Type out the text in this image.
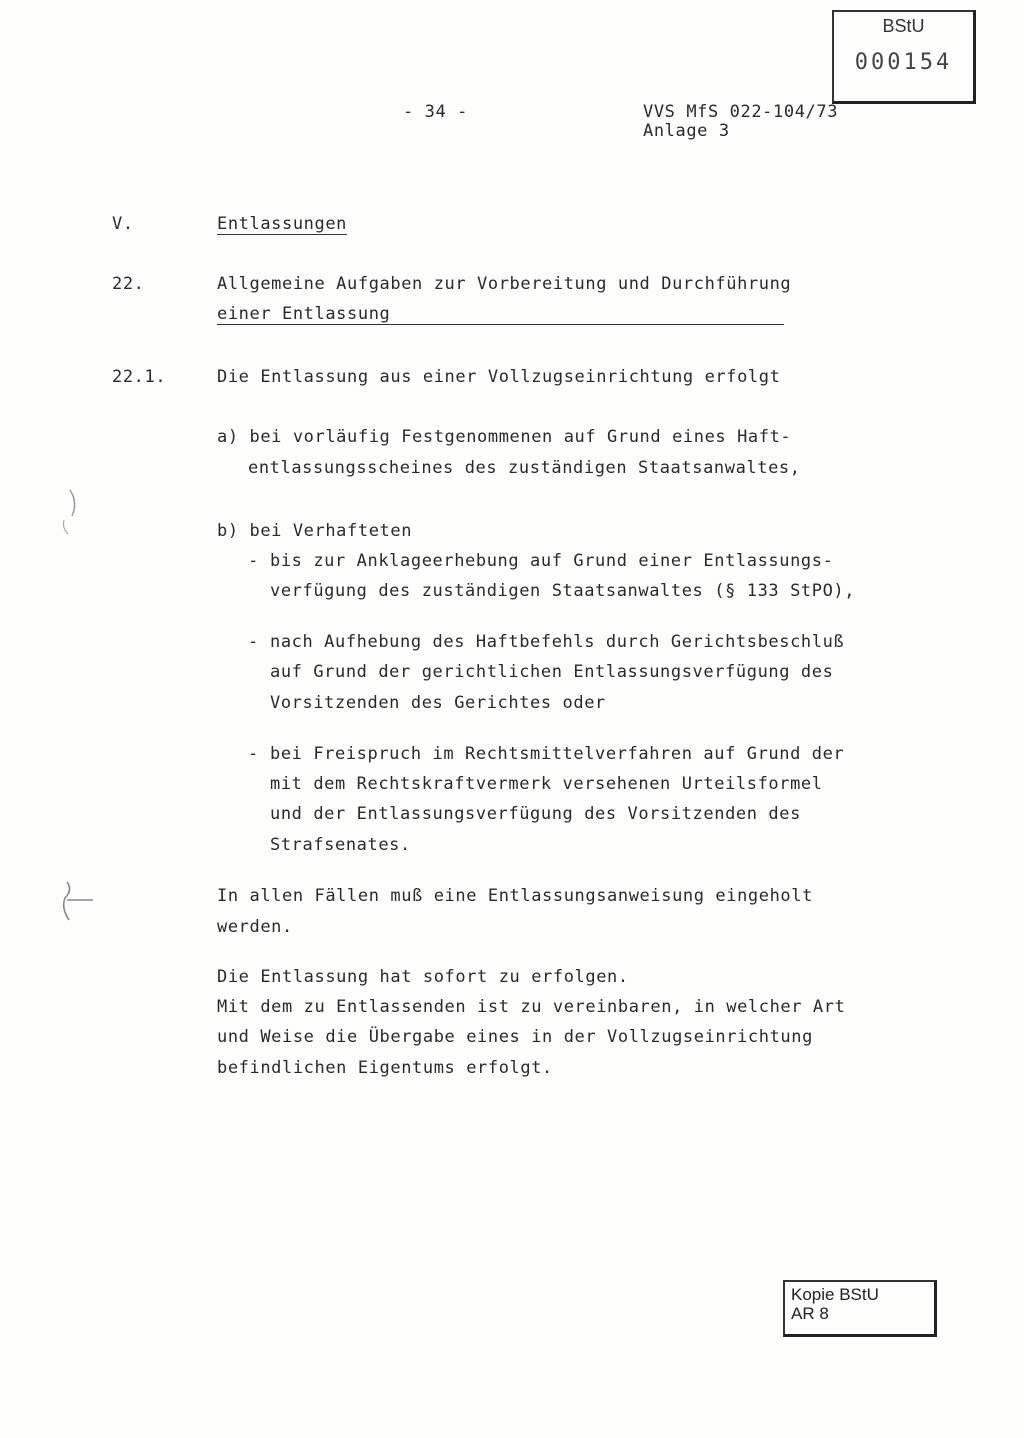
BStU
000154
- 34 -	VVS MfS 022-104/73
Anlage 3
V.	Entlassungen
22.	Allgemeine Aufgaben zur Vorbereitung und Durchführung
einer Entlassung
22.1.	Die Entlassung aus einer Vollzugseinrichtung erfolgt
a) bei vorläufig Festgenommenen auf Grund eines Haft-
entlassungsscheines des zuständigen Staatsanwaltes,
b) bei Verhafteten
- bis zur Anklageerhebung auf Grund einer Entlassungs-
verfügung des zuständigen Staatsanwaltes (§ 133 StPO),
- nach Aufhebung des Haftbefehls durch Gerichtsbeschluß
auf Grund der gerichtlichen Entlassungsverfügung des
Vorsitzenden des Gerichtes oder
- bei Freispruch im Rechtsmittelverfahren auf Grund der
mit dem Rechtskraftvermerk versehenen Urteilsformel
und der Entlassungsverfügung des Vorsitzenden des
Strafsenates.
In allen Fällen muß eine Entlassungsanweisung eingeholt
werden.
Die Entlassung hat sofort zu erfolgen.
Mit dem zu Entlassenden ist zu vereinbaren, in welcher Art
und Weise die Übergabe eines in der Vollzugseinrichtung
befindlichen Eigentums erfolgt.
Kopie BStU
AR 8
